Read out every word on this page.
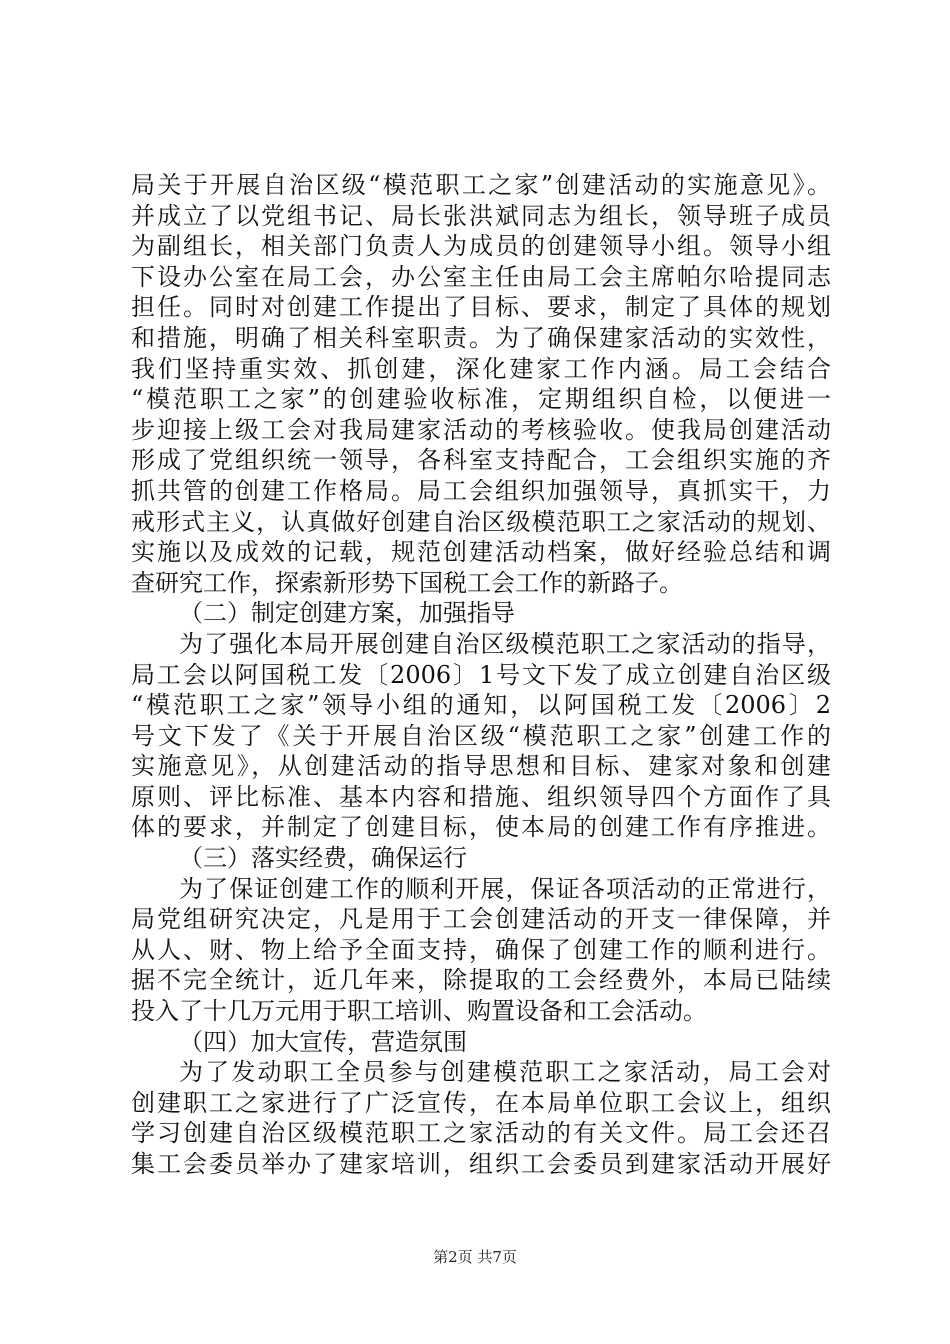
局关于开展自治区级“模范职工之家”创建活动的实施意见》。
并成立了以党组书记、局长张洪斌同志为组长，领导班子成员
为副组长，相关部门负责人为成员的创建领导小组。领导小组
下设办公室在局工会，办公室主任由局工会主席帕尔哈提同志
担任。同时对创建工作提出了目标、要求，制定了具体的规划
和措施，明确了相关科室职责。为了确保建家活动的实效性，
我们坚持重实效、抓创建，深化建家工作内涵。局工会结合
“模范职工之家”的创建验收标准，定期组织自检，以便进一
步迎接上级工会对我局建家活动的考核验收。使我局创建活动
形成了党组织统一领导，各科室支持配合，工会组织实施的齐
抓共管的创建工作格局。局工会组织加强领导，真抓实干，力
戒形式主义，认真做好创建自治区级模范职工之家活动的规划、
实施以及成效的记载，规范创建活动档案，做好经验总结和调
查研究工作，探索新形势下国税工会工作的新路子。
（二）制定创建方案，加强指导
为了强化本局开展创建自治区级模范职工之家活动的指导，
局工会以阿国税工发〔2006〕1号文下发了成立创建自治区级
“模范职工之家”领导小组的通知，以阿国税工发〔2006〕2
号文下发了《关于开展自治区级“模范职工之家”创建工作的
实施意见》，从创建活动的指导思想和目标、建家对象和创建
原则、评比标准、基本内容和措施、组织领导四个方面作了具
体的要求，并制定了创建目标，使本局的创建工作有序推进。
（三）落实经费，确保运行
为了保证创建工作的顺利开展，保证各项活动的正常进行，
局党组研究决定，凡是用于工会创建活动的开支一律保障，并
从人、财、物上给予全面支持，确保了创建工作的顺利进行。
据不完全统计，近几年来，除提取的工会经费外，本局已陆续
投入了十几万元用于职工培训、购置设备和工会活动。
（四）加大宣传，营造氛围
为了发动职工全员参与创建模范职工之家活动，局工会对
创建职工之家进行了广泛宣传，在本局单位职工会议上，组织
学习创建自治区级模范职工之家活动的有关文件。局工会还召
集工会委员举办了建家培训，组织工会委员到建家活动开展好
第2页 共7页
